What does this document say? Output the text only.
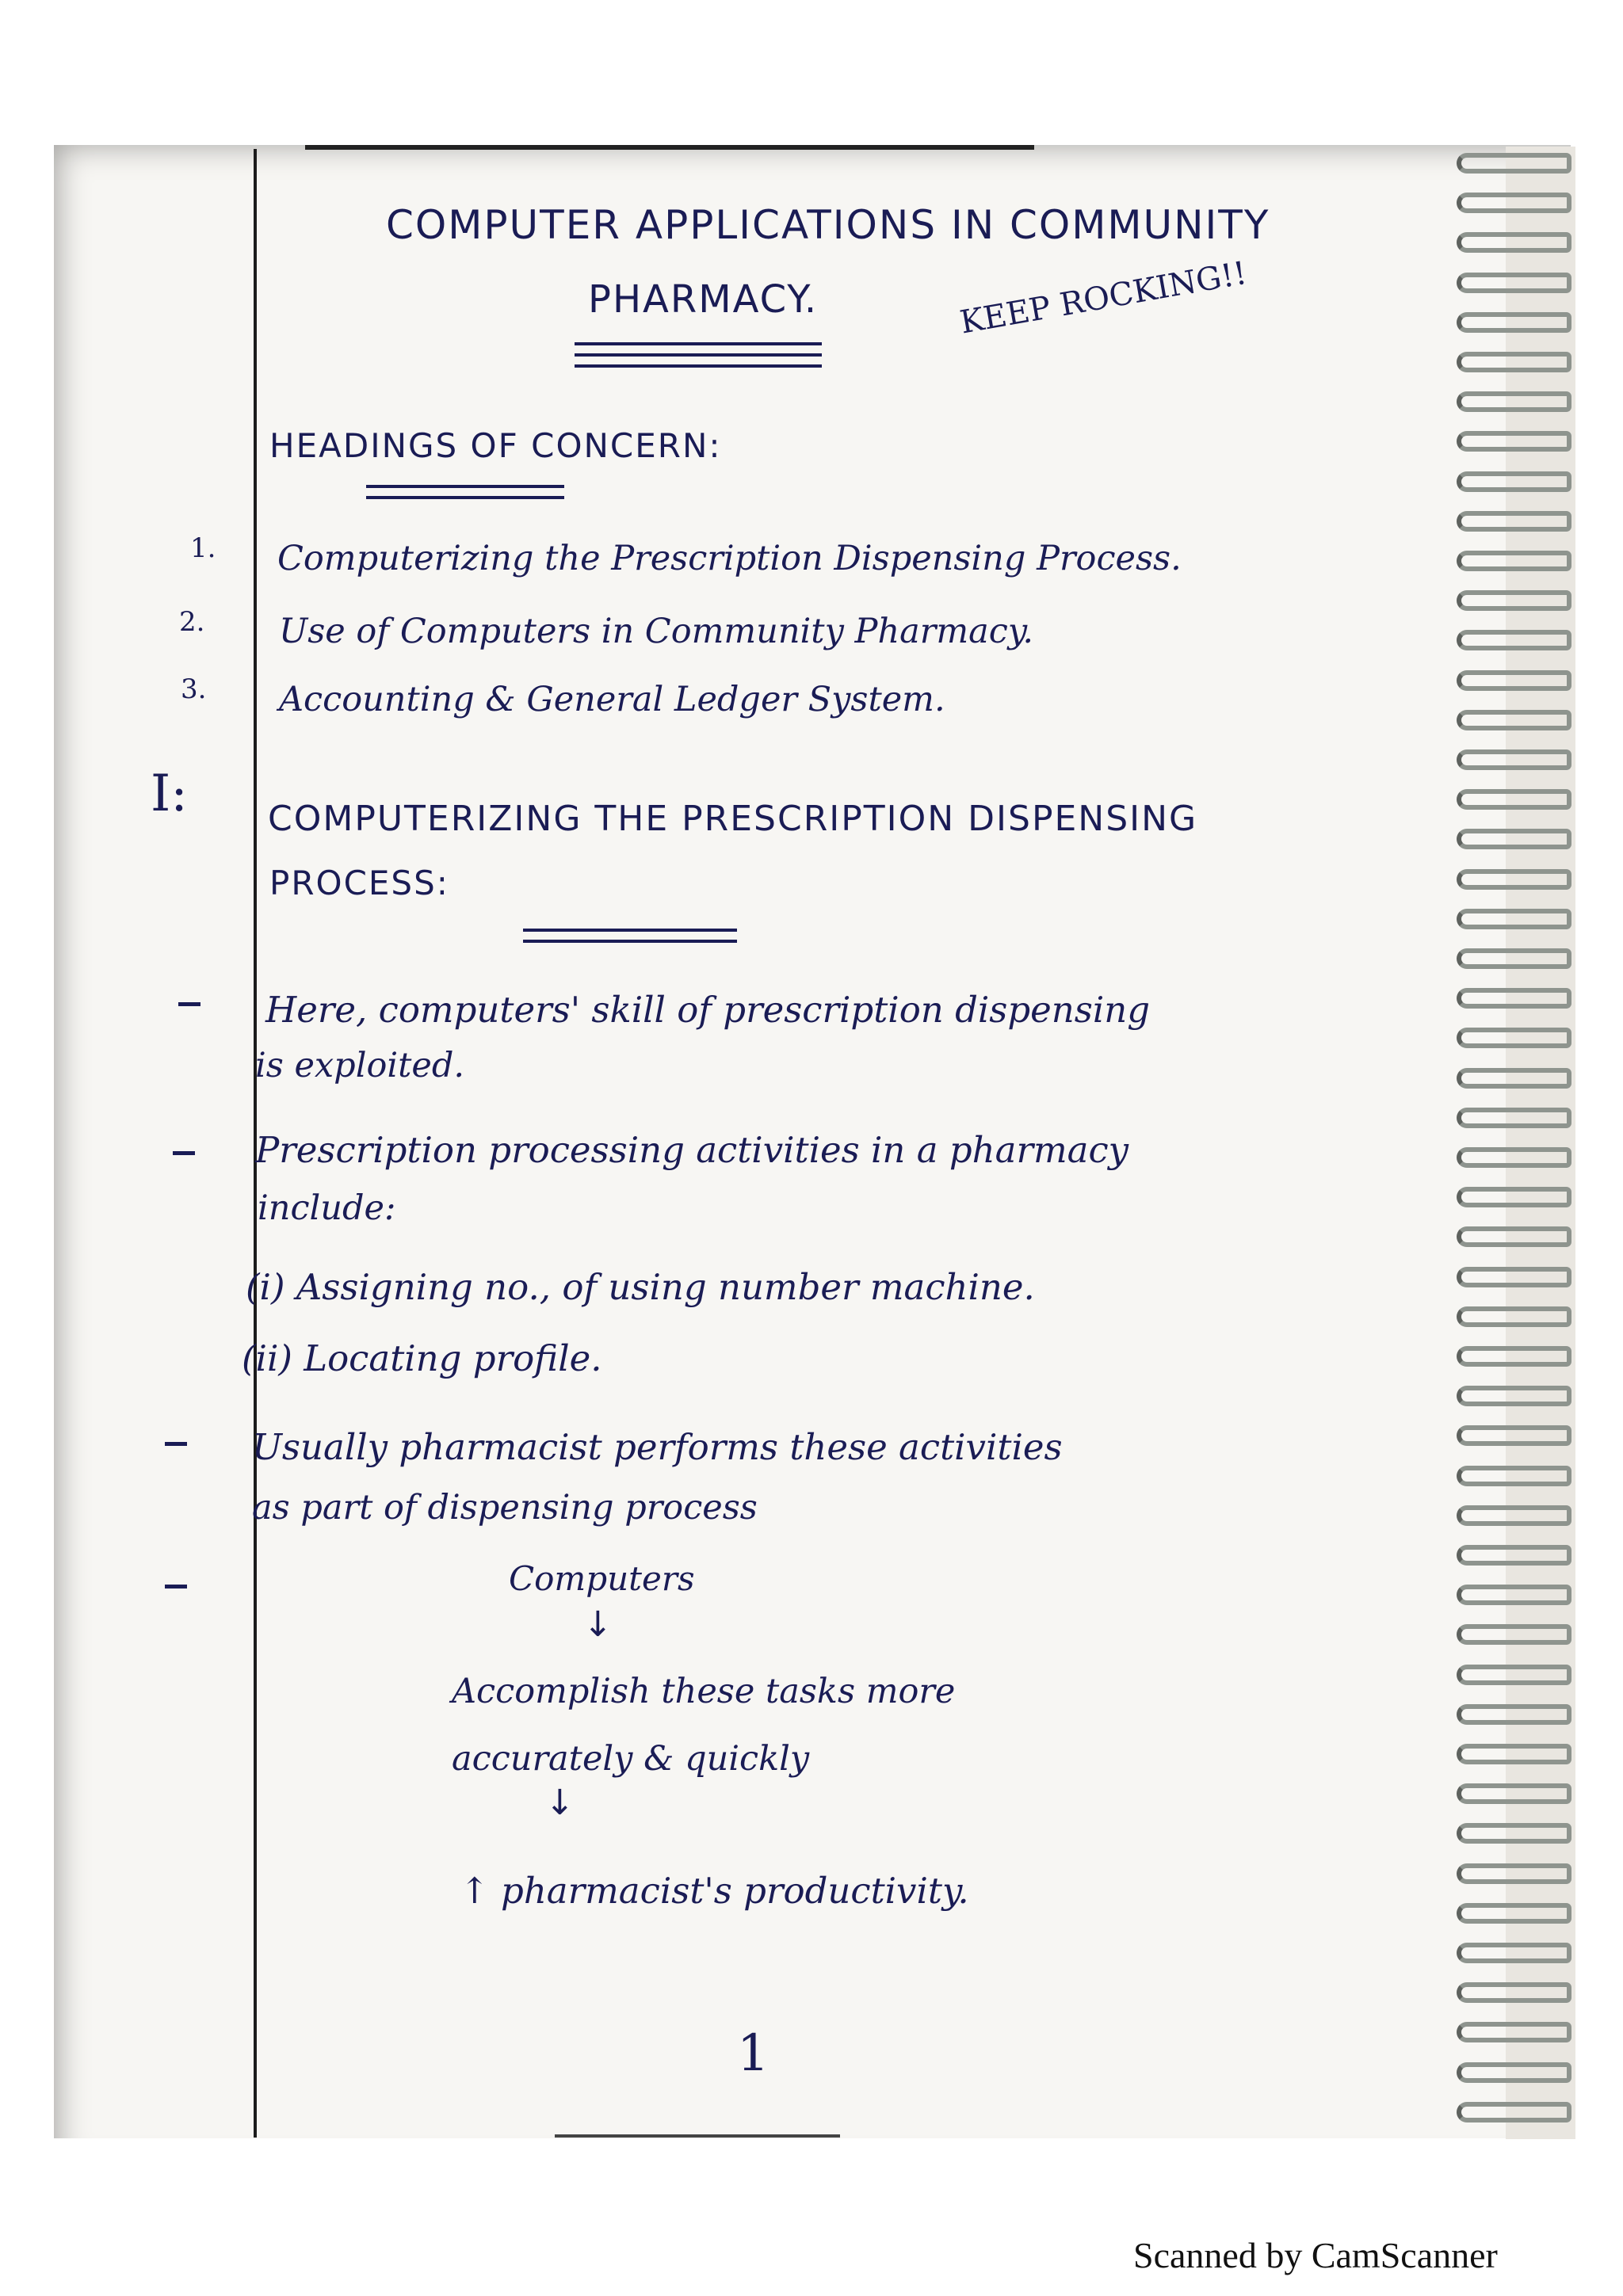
COMPUTER APPLICATIONS IN COMMUNITY
PHARMACY.	KEEP ROCKING!!
HEADINGS OF CONCERN:
1. Computerizing the Prescription Dispensing Process.
2. Use of Computers in Community Pharmacy.
3. Accounting & General Ledger System.
I: COMPUTERIZING THE PRESCRIPTION DISPENSING
PROCESS:
Here, computers' skill of prescription dispensing
is exploited.
Prescription processing activities in a pharmacy
include:
(i) Assigning no., of using number machine.
(ii) Locating profile.
Usually pharmacist performs these activities
as part of dispensing process
Computers
↓
Accomplish these tasks more
accurately & quickly
↓
↑ pharmacist's productivity.
1
Scanned by CamScanner
